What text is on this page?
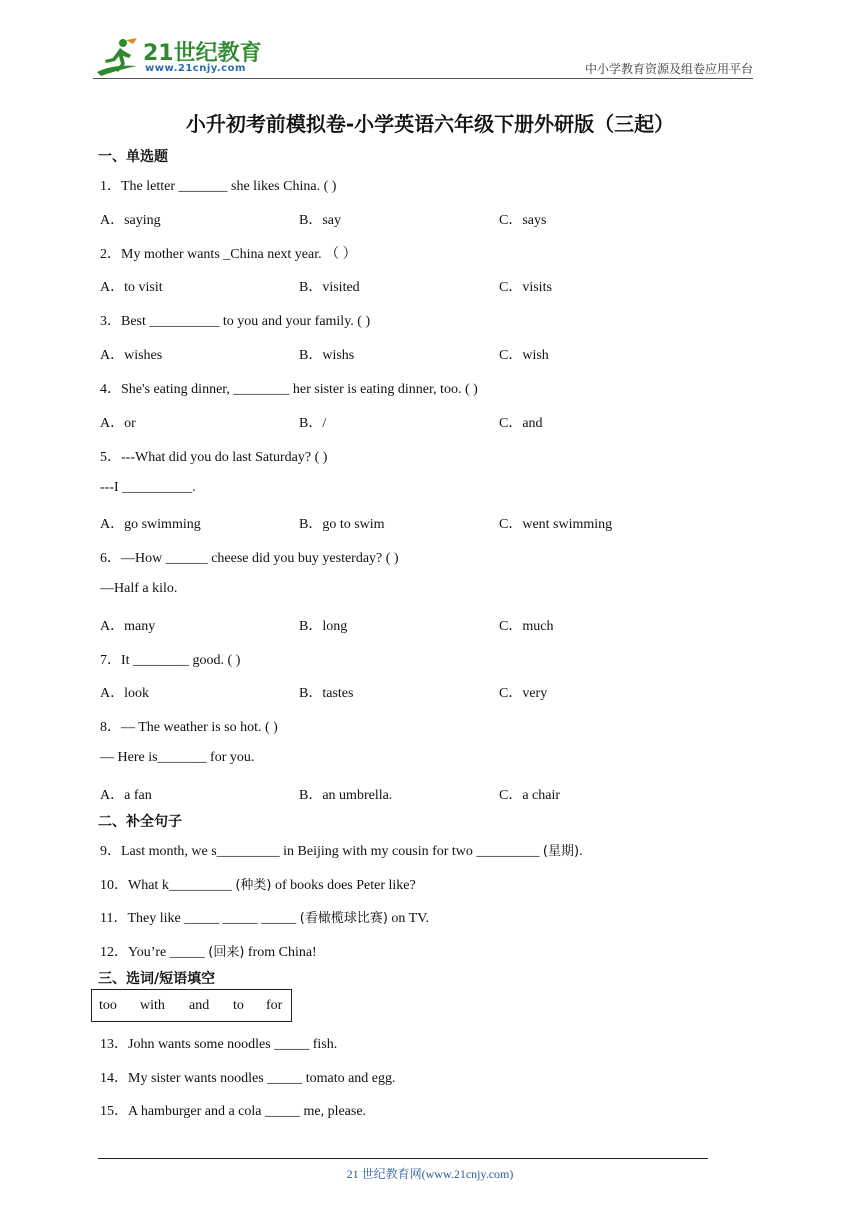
21世纪教育
www.21cnjy.com	中小学教育资源及组卷应用平台
小升初考前模拟卷-小学英语六年级下册外研版（三起）
一、单选题
1．The letter _______ she likes China. ( )
A．saying	B．say	C．says
2．My mother wants _China next year. （ ）
A．to visit	B．visited	C．visits
3．Best __________ to you and your family. ( )
A．wishes	B．wishs	C．wish
4．She's eating dinner, ________ her sister is eating dinner, too. ( )
A．or	B．/	C．and
5．---What did you do last Saturday? ( )
---I __________.
A．go swimming	B．go to swim	C．went swimming
6．—How ______ cheese did you buy yesterday? ( )
—Half a kilo.
A．many	B．long	C．much
7．It ________ good. ( )
A．look	B．tastes	C．very
8．— The weather is so hot. ( )
— Here is_______ for you.
A．a fan	B．an umbrella.	C．a chair
二、补全句子
9．Last month, we s_________ in Beijing with my cousin for two _________ (星期).
10．What k_________ (种类) of books does Peter like?
11．They like _____ _____ _____ (看橄榄球比赛) on TV.
12．You’re _____ (回来) from China!
三、选词/短语填空
too with and to for
13．John wants some noodles _____ fish.
14．My sister wants noodles _____ tomato and egg.
15．A hamburger and a cola _____ me, please.
21 世纪教育网(www.21cnjy.com)
